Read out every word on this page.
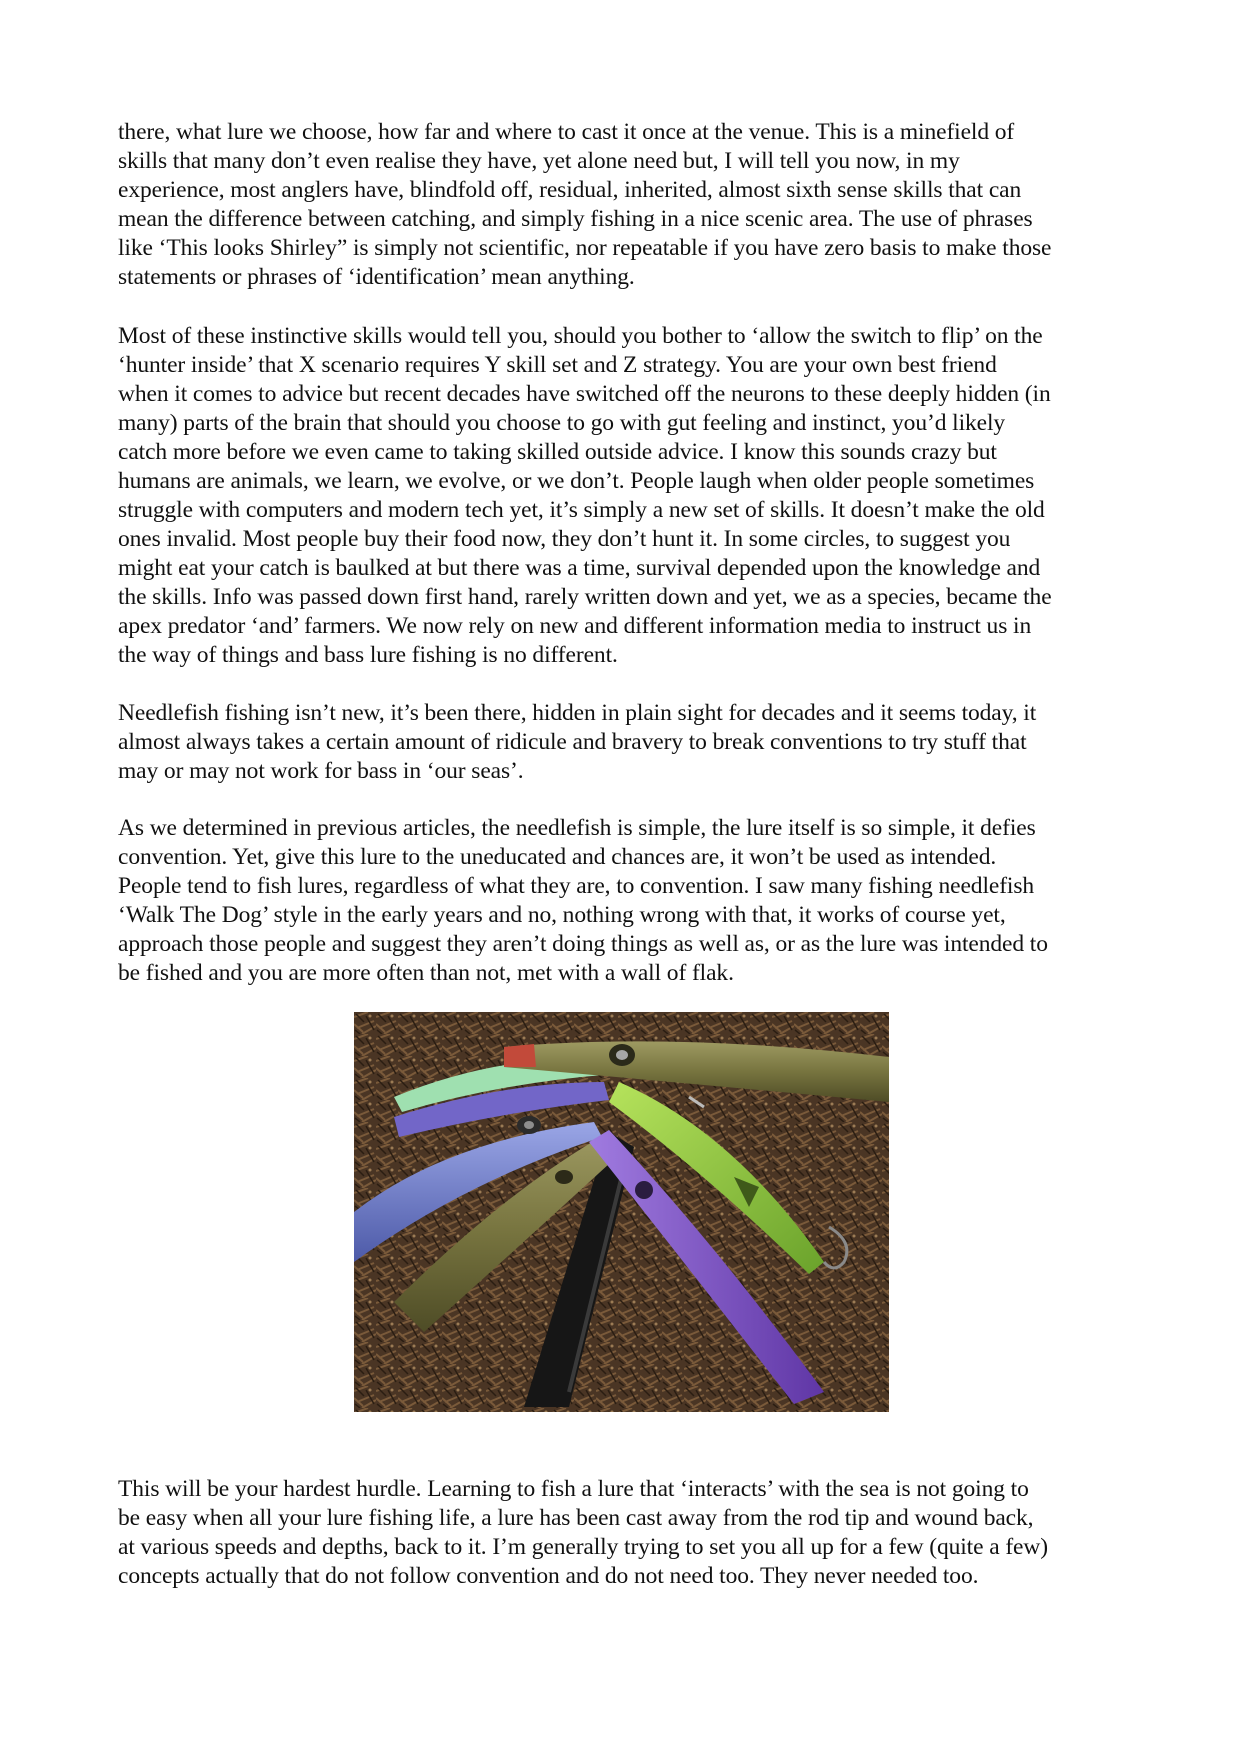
there, what lure we choose, how far and where to cast it once at the venue. This is a minefield of
skills that many don’t even realise they have, yet alone need but, I will tell you now, in my
experience, most anglers have, blindfold off, residual, inherited, almost sixth sense skills that can
mean the difference between catching, and simply fishing in a nice scenic area. The use of phrases
like ‘This looks Shirley” is simply not scientific, nor repeatable if you have zero basis to make those
statements or phrases of ‘identification’ mean anything.

Most of these instinctive skills would tell you, should you bother to ‘allow the switch to flip’ on the
‘hunter inside’ that X scenario requires Y skill set and Z strategy. You are your own best friend
when it comes to advice but recent decades have switched off the neurons to these deeply hidden (in
many) parts of the brain that should you choose to go with gut feeling and instinct, you’d likely
catch more before we even came to taking skilled outside advice. I know this sounds crazy but
humans are animals, we learn, we evolve, or we don’t. People laugh when older people sometimes
struggle with computers and modern tech yet, it’s simply a new set of skills. It doesn’t make the old
ones invalid. Most people buy their food now, they don’t hunt it. In some circles, to suggest you
might eat your catch is baulked at but there was a time, survival depended upon the knowledge and
the skills. Info was passed down first hand, rarely written down and yet, we as a species, became the
apex predator ‘and’ farmers. We now rely on new and different information media to instruct us in
the way of things and bass lure fishing is no different.

Needlefish fishing isn’t new, it’s been there, hidden in plain sight for decades and it seems today, it
almost always takes a certain amount of ridicule and bravery to break conventions to try stuff that
may or may not work for bass in ‘our seas’.

As we determined in previous articles, the needlefish is simple, the lure itself is so simple, it defies
convention. Yet, give this lure to the uneducated and chances are, it won’t be used as intended.
People tend to fish lures, regardless of what they are, to convention. I saw many fishing needlefish
‘Walk The Dog’ style in the early years and no, nothing wrong with that, it works of course yet,
approach those people and suggest they aren’t doing things as well as, or as the lure was intended to
be fished and you are more often than not, met with a wall of flak.

This will be your hardest hurdle. Learning to fish a lure that ‘interacts’ with the sea is not going to
be easy when all your lure fishing life, a lure has been cast away from the rod tip and wound back,
at various speeds and depths, back to it. I’m generally trying to set you all up for a few (quite a few)
concepts actually that do not follow convention and do not need too. They never needed too.
